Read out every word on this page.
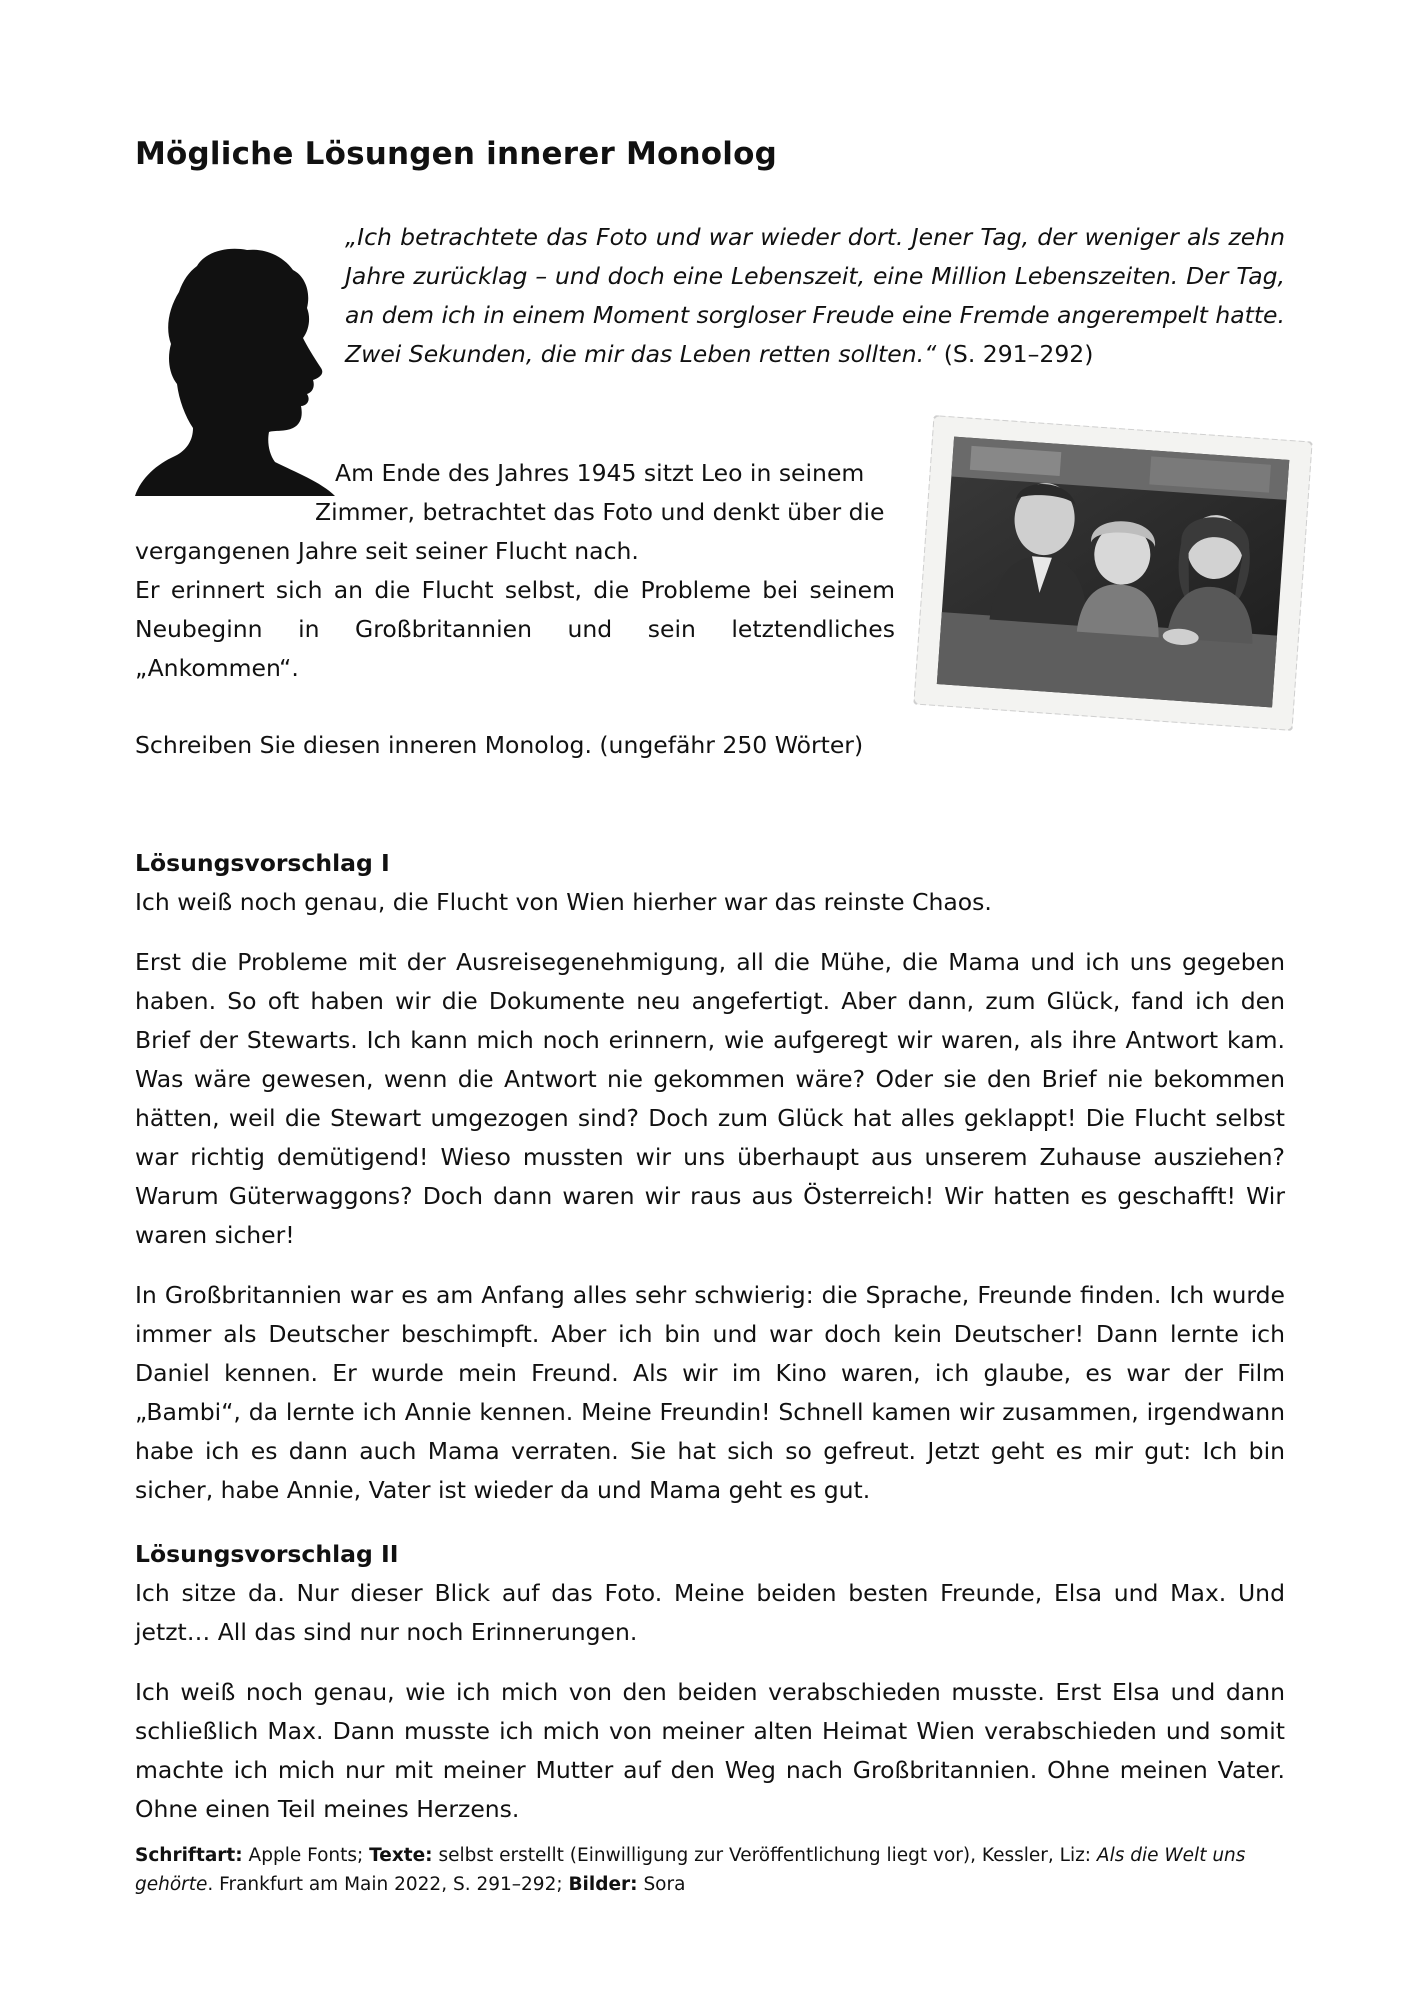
Mögliche Lösungen innerer Monolog

„Ich betrachtete das Foto und war wieder dort. Jener Tag, der weniger als zehn Jahre zurücklag – und doch eine Lebenszeit, eine Million Lebenszeiten. Der Tag, an dem ich in einem Moment sorgloser Freude eine Fremde angerempelt hatte. Zwei Sekunden, die mir das Leben retten sollten.“ (S. 291–292)

Am Ende des Jahres 1945 sitzt Leo in seinem
Zimmer, betrachtet das Foto und denkt über die
vergangenen Jahre seit seiner Flucht nach.
Er erinnert sich an die Flucht selbst, die Probleme bei seinem Neubeginn in Großbritannien und sein letztendliches „Ankommen“.

Schreiben Sie diesen inneren Monolog. (ungefähr 250 Wörter)

Lösungsvorschlag I

Ich weiß noch genau, die Flucht von Wien hierher war das reinste Chaos.

Erst die Probleme mit der Ausreisegenehmigung, all die Mühe, die Mama und ich uns gegeben haben. So oft haben wir die Dokumente neu angefertigt. Aber dann, zum Glück, fand ich den Brief der Stewarts. Ich kann mich noch erinnern, wie aufgeregt wir waren, als ihre Antwort kam. Was wäre gewesen, wenn die Antwort nie gekommen wäre? Oder sie den Brief nie bekommen hätten, weil die Stewart umgezogen sind? Doch zum Glück hat alles geklappt! Die Flucht selbst war richtig demütigend! Wieso mussten wir uns überhaupt aus unserem Zuhause ausziehen? Warum Güterwaggons? Doch dann waren wir raus aus Österreich! Wir hatten es geschafft! Wir waren sicher!

In Großbritannien war es am Anfang alles sehr schwierig: die Sprache, Freunde finden. Ich wurde immer als Deutscher beschimpft. Aber ich bin und war doch kein Deutscher! Dann lernte ich Daniel kennen. Er wurde mein Freund. Als wir im Kino waren, ich glaube, es war der Film „Bambi“, da lernte ich Annie kennen. Meine Freundin! Schnell kamen wir zusammen, irgendwann habe ich es dann auch Mama verraten. Sie hat sich so gefreut. Jetzt geht es mir gut: Ich bin sicher, habe Annie, Vater ist wieder da und Mama geht es gut.

Lösungsvorschlag II

Ich sitze da. Nur dieser Blick auf das Foto. Meine beiden besten Freunde, Elsa und Max. Und jetzt… All das sind nur noch Erinnerungen.

Ich weiß noch genau, wie ich mich von den beiden verabschieden musste. Erst Elsa und dann schließlich Max. Dann musste ich mich von meiner alten Heimat Wien verabschieden und somit machte ich mich nur mit meiner Mutter auf den Weg nach Großbritannien. Ohne meinen Vater. Ohne einen Teil meines Herzens.

Schriftart: Apple Fonts; Texte: selbst erstellt (Einwilligung zur Veröffentlichung liegt vor), Kessler, Liz: Als die Welt uns gehörte. Frankfurt am Main 2022, S. 291–292; Bilder: Sora
